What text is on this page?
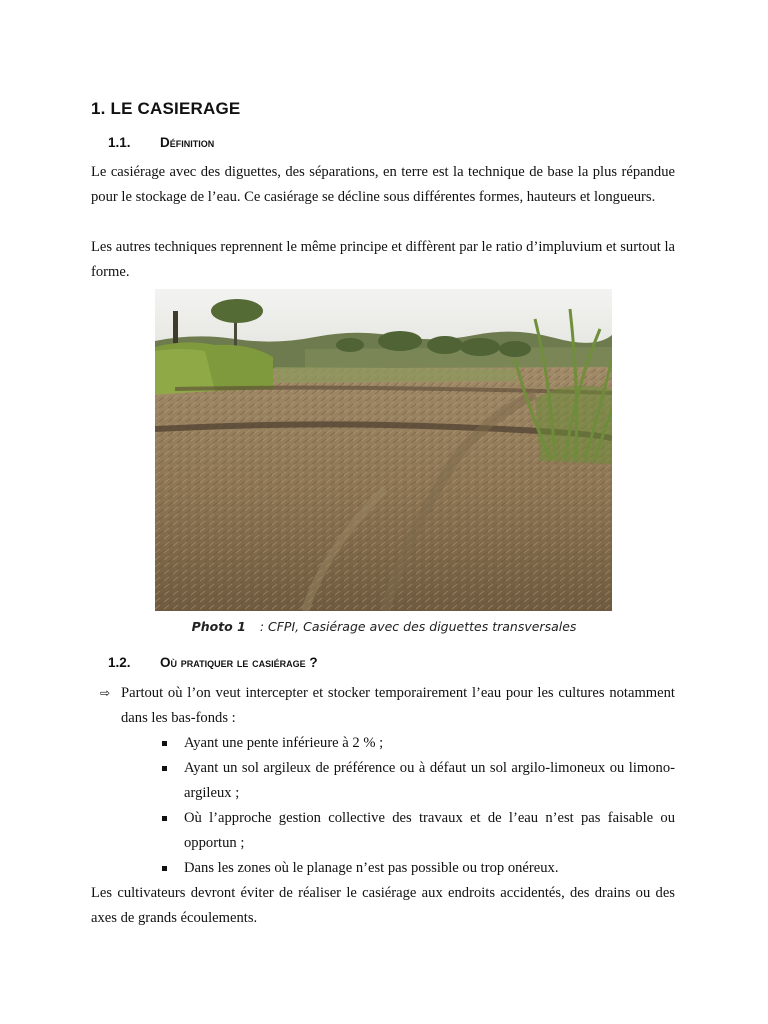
1. LE CASIERAGE
1.1. Définition

Le casiérage avec des diguettes, des séparations, en terre est la technique de base la plus répandue pour le stockage de l’eau. Ce casiérage se décline sous différentes formes, hauteurs et longueurs.

Les autres techniques reprennent le même principe et diffèrent par le ratio d’impluvium et surtout la forme.

Photo 1 : CFPI, Casiérage avec des diguettes transversales
1.2. Où pratiquer le casiérage ?
⇨ Partout où l’on veut intercepter et stocker temporairement l’eau pour les cultures notamment dans les bas-fonds :
Ayant une pente inférieure à 2 % ;
Ayant un sol argileux de préférence ou à défaut un sol argilo-limoneux ou limono-argileux ;
Où l’approche gestion collective des travaux et de l’eau n’est pas faisable ou opportun ;
Dans les zones où le planage n’est pas possible ou trop onéreux.

Les cultivateurs devront éviter de réaliser le casiérage aux endroits accidentés, des drains ou des axes de grands écoulements.
